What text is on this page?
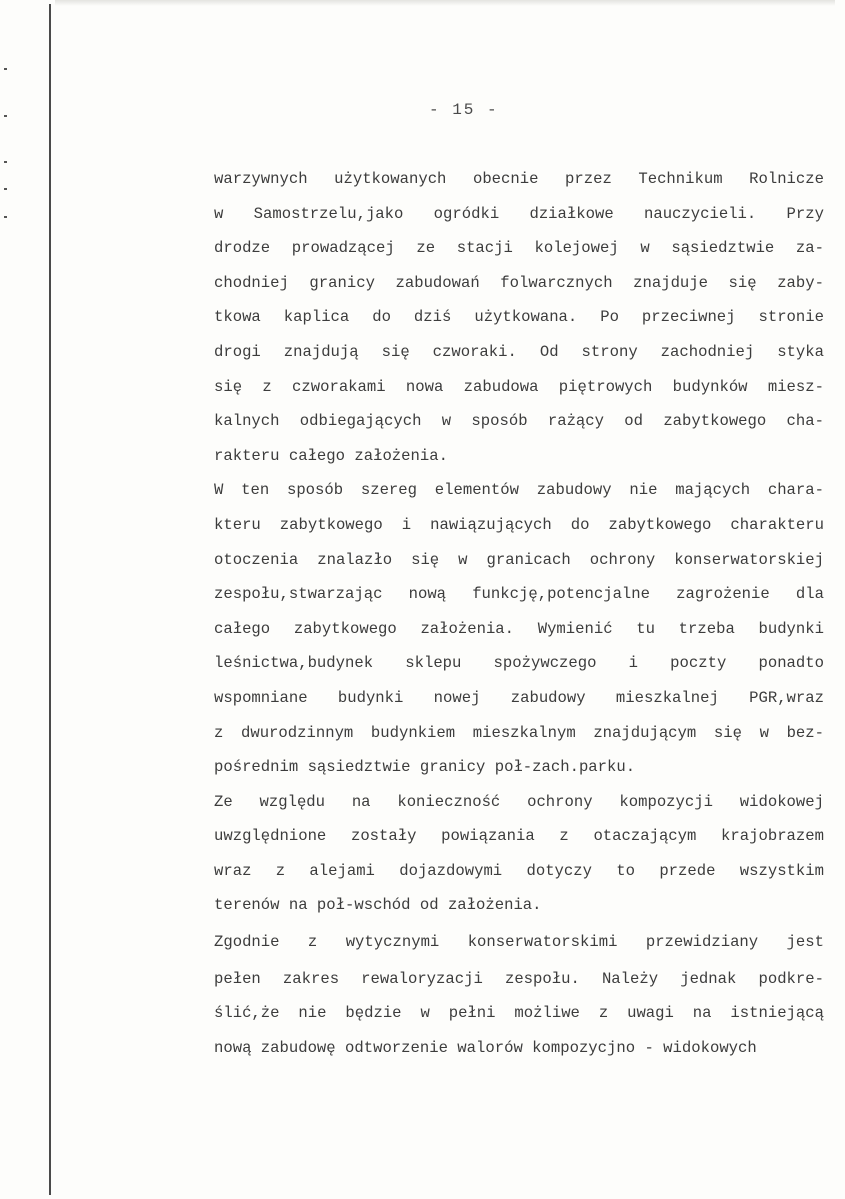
- 15 -
warzywnych użytkowanych obecnie przez Technikum Rolnicze
w Samostrzelu,jako ogródki działkowe nauczycieli. Przy
drodze prowadzącej ze stacji kolejowej w sąsiedztwie za-
chodniej granicy zabudowań folwarcznych znajduje się zaby-
tkowa kaplica do dziś użytkowana. Po przeciwnej stronie
drogi znajdują się czworaki. Od strony zachodniej styka
się z czworakami nowa zabudowa piętrowych budynków miesz-
kalnych odbiegających w sposób rażący od zabytkowego cha-
rakteru całego założenia.
W ten sposób szereg elementów zabudowy nie mających chara-
kteru zabytkowego i nawiązujących do zabytkowego charakteru
otoczenia znalazło się w granicach ochrony konserwatorskiej
zespołu,stwarzając nową funkcję,potencjalne zagrożenie dla
całego zabytkowego założenia. Wymienić tu trzeba budynki
leśnictwa,budynek sklepu spożywczego i poczty ponadto
wspomniane budynki nowej zabudowy mieszkalnej PGR,wraz
z dwurodzinnym budynkiem mieszkalnym znajdującym się w bez-
pośrednim sąsiedztwie granicy poł-zach.parku.
Ze względu na konieczność ochrony kompozycji widokowej
uwzględnione zostały powiązania z otaczającym krajobrazem
wraz z alejami dojazdowymi dotyczy to przede wszystkim
terenów na poł-wschód od założenia.
Zgodnie z wytycznymi konserwatorskimi przewidziany jest
pełen zakres rewaloryzacji zespołu. Należy jednak podkre-
ślić,że nie będzie w pełni możliwe z uwagi na istniejącą
nową zabudowę odtworzenie walorów kompozycjno - widokowych
